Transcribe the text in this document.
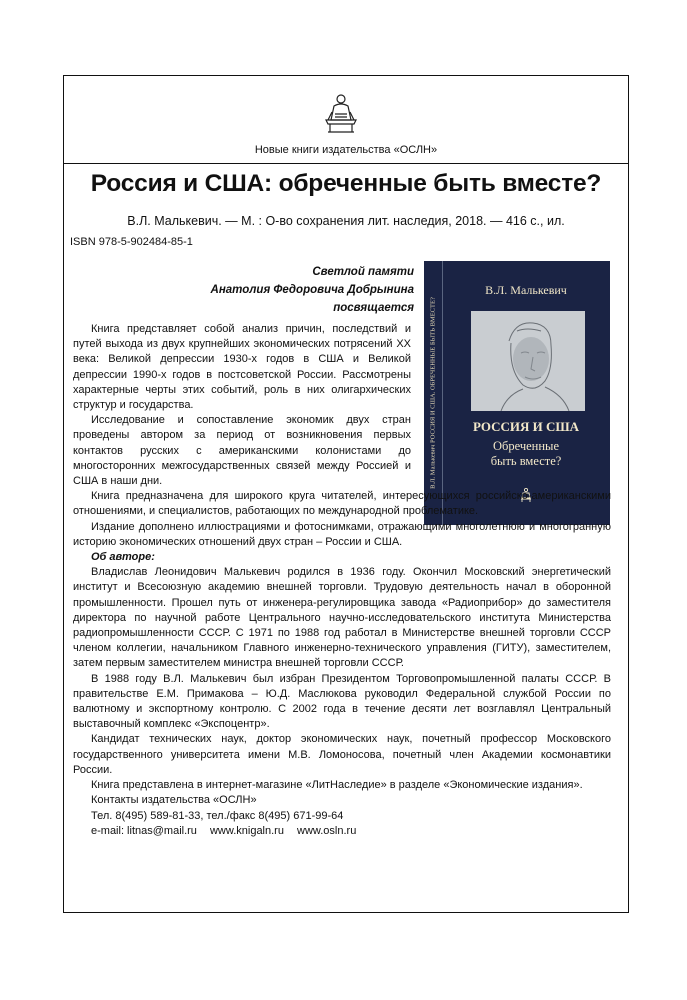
Новые книги издательства «ОСЛН»
Россия и США: обреченные быть вместе?
В.Л. Малькевич. — М. : О-во сохранения лит. наследия, 2018. — 416 с., ил.
ISBN 978-5-902484-85-1
Светлой памяти
Анатолия Федоровича Добрынина
посвящается В.Л. Малькевич РОССИЯ И США. ОБРЕЧЕННЫЕ БЫТЬ ВМЕСТЕ?
В.Л. Малькевич
РОССИЯ И США
Обреченные
быть вместе?

Книга представляет собой анализ причин, последствий и путей выхода из двух крупнейших экономических потрясений XX века: Великой депрессии 1930-х годов в США и Великой депрессии 1990-х годов в постсоветской России. Рассмотрены характерные черты этих событий, роль в них олигархических структур и государства.

Исследование и сопоставление экономик двух стран проведены автором за период от возникновения первых контактов русских с американскими колонистами до многосторонних межгосударственных связей между Россией и США в наши дни.

Книга предназначена для широкого круга читателей, интересующихся российско-американскими отношениями, и специалистов, работающих по международной проблематике.

Издание дополнено иллюстрациями и фотоснимками, отражающими многолетнюю и многогранную историю экономических отношений двух стран – России и США.

Об авторе:

Владислав Леонидович Малькевич родился в 1936 году. Окончил Московский энергетический институт и Всесоюзную академию внешней торговли. Трудовую деятельность начал в оборонной промышленности. Прошел путь от инженера-регулировщика завода «Радиоприбор» до заместителя директора по научной работе Центрального научно-исследовательского института Министерства радиопромышленности СССР. С 1971 по 1988 год работал в Министерстве внешней торговли СССР членом коллегии, начальником Главного инженерно-технического управления (ГИТУ), заместителем, затем первым заместителем министра внешней торговли СССР.

В 1988 году В.Л. Малькевич был избран Президентом Торговопромышленной палаты СССР. В правительстве Е.М. Примакова – Ю.Д. Маслюкова руководил Федеральной службой России по валютному и экспортному контролю. С 2002 года в течение десяти лет возглавлял Центральный выставочный комплекс «Экспоцентр».

Кандидат технических наук, доктор экономических наук, почетный профессор Московского государственного университета имени М.В. Ломоносова, почетный член Академии космонавтики России.

Книга представлена в интернет-магазине «ЛитНаследие» в разделе «Экономические издания».

Контакты издательства «ОСЛН»
Тел. 8(495) 589-81-33, тел./факс 8(495) 671-99-64
e-mail: litnas@mail.ru www.knigaln.ru www.osln.ru
